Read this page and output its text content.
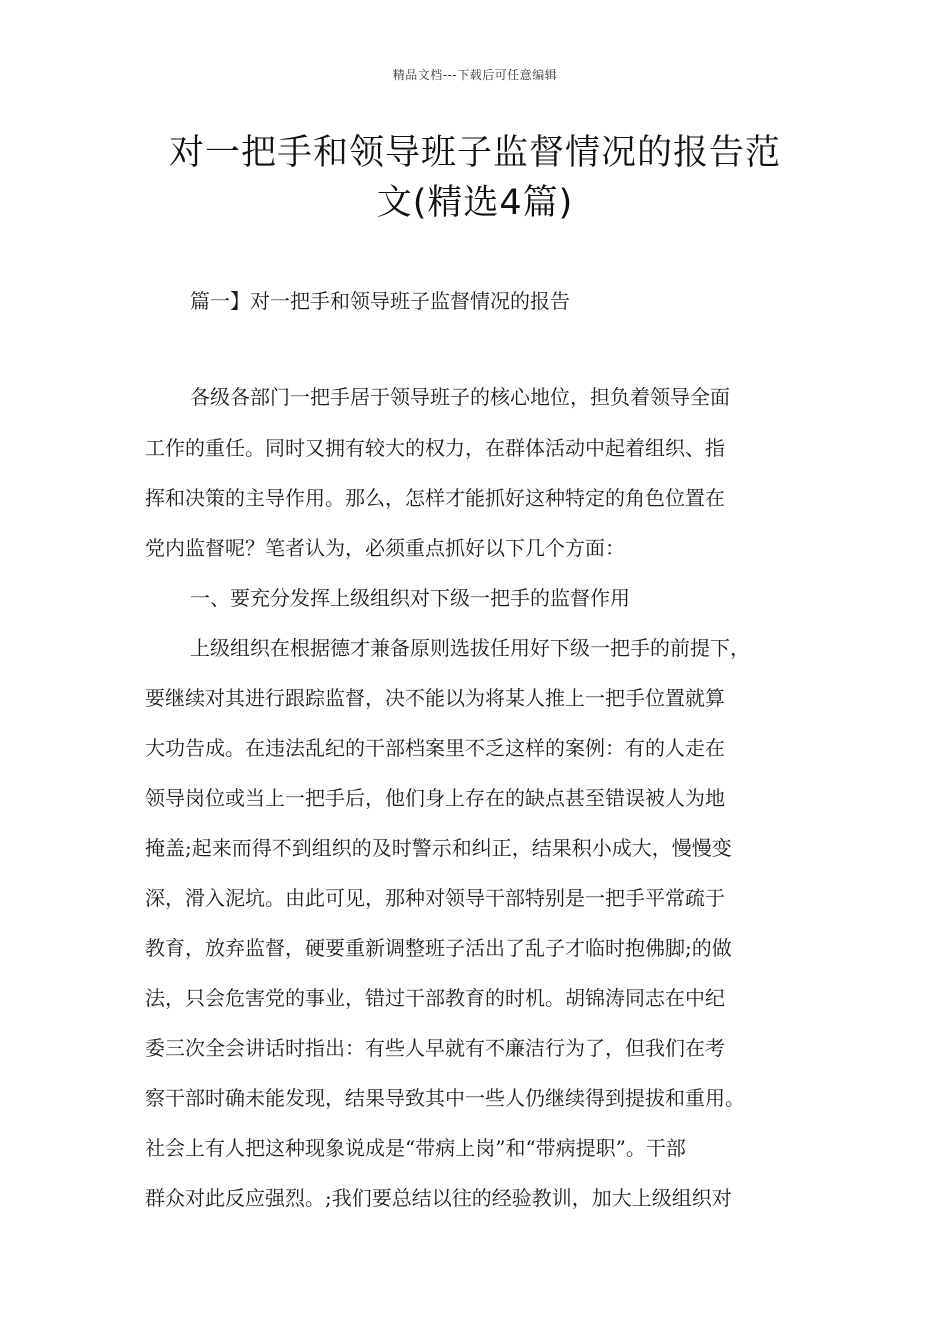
精品文档---下载后可任意编辑
对一把手和领导班子监督情况的报告范
文(精选4篇)
篇一】对一把手和领导班子监督情况的报告
各级各部门一把手居于领导班子的核心地位，担负着领导全面
工作的重任。同时又拥有较大的权力，在群体活动中起着组织、指
挥和决策的主导作用。那么，怎样才能抓好这种特定的角色位置在
党内监督呢？笔者认为，必须重点抓好以下几个方面：
一、要充分发挥上级组织对下级一把手的监督作用
上级组织在根据德才兼备原则选拔任用好下级一把手的前提下，
要继续对其进行跟踪监督，决不能以为将某人推上一把手位置就算
大功告成。在违法乱纪的干部档案里不乏这样的案例：有的人走在
领导岗位或当上一把手后，他们身上存在的缺点甚至错误被人为地
掩盖;起来而得不到组织的及时警示和纠正，结果积小成大，慢慢变
深，滑入泥坑。由此可见，那种对领导干部特别是一把手平常疏于
教育，放弃监督，硬要重新调整班子活出了乱子才临时抱佛脚;的做
法，只会危害党的事业，错过干部教育的时机。胡锦涛同志在中纪
委三次全会讲话时指出：有些人早就有不廉洁行为了，但我们在考
察干部时确未能发现，结果导致其中一些人仍继续得到提拔和重用。
社会上有人把这种现象说成是“带病上岗”和“带病提职”。干部
群众对此反应强烈。;我们要总结以往的经验教训，加大上级组织对
